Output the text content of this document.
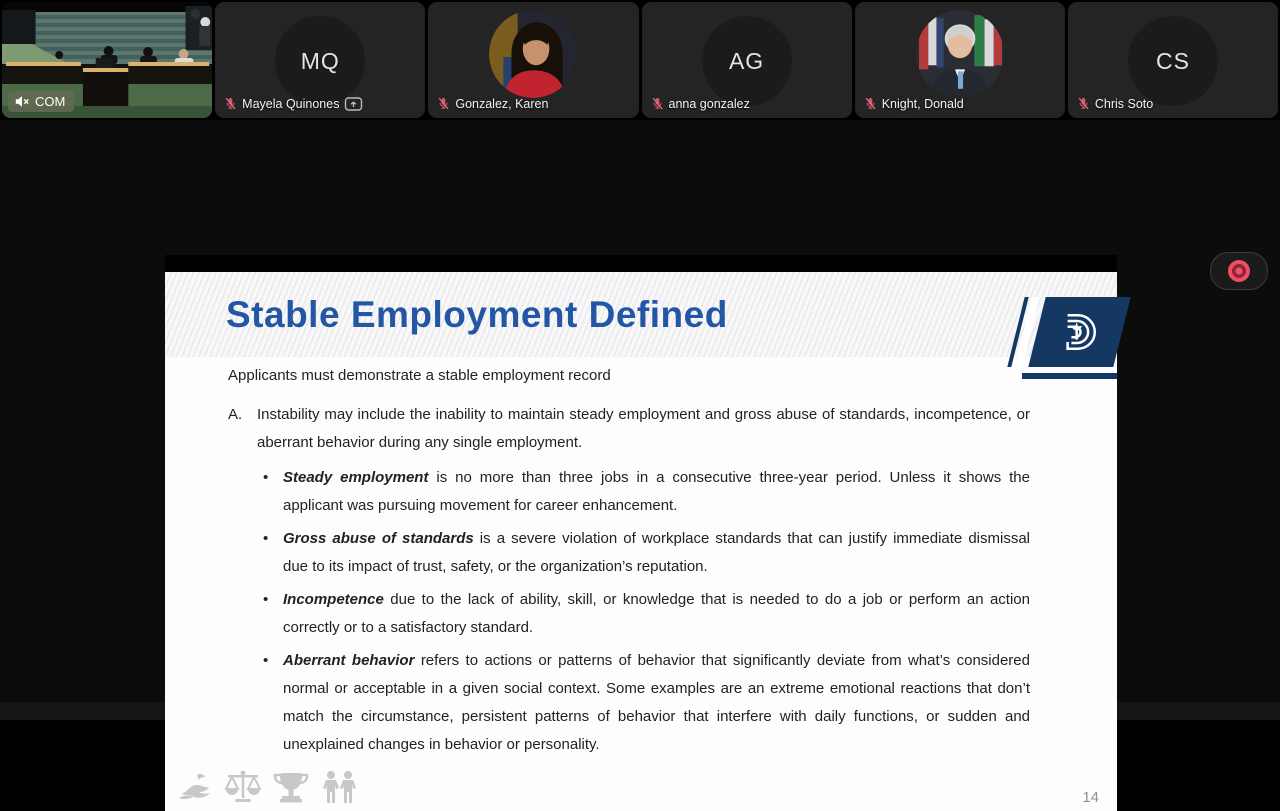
COM
MQ
Mayela Quinones	Gonzalez, Karen
AG
anna gonzalez	Knight, Donald
CS
Chris Soto
Stable Employment Defined

Applicants must demonstrate a stable employment record

A. Instability may include the inability to maintain steady employment and gross abuse of standards, incompetence, or aberrant behavior during any single employment.
•
Steady employment is no more than three jobs in a consecutive three-year period. Unless it shows the applicant was pursuing movement for career enhancement.
•
Gross abuse of standards is a severe violation of workplace standards that can justify immediate dismissal due to its impact of trust, safety, or the organization’s reputation.
•
Incompetence due to the lack of ability, skill, or knowledge that is needed to do a job or perform an action correctly or to a satisfactory standard.
•
Aberrant behavior refers to actions or patterns of behavior that significantly deviate from what’s considered normal or acceptable in a given social context. Some examples are an extreme emotional reactions that don’t match the circumstance, persistent patterns of behavior that interfere with daily functions, or sudden and unexplained changes in behavior or personality.
14
